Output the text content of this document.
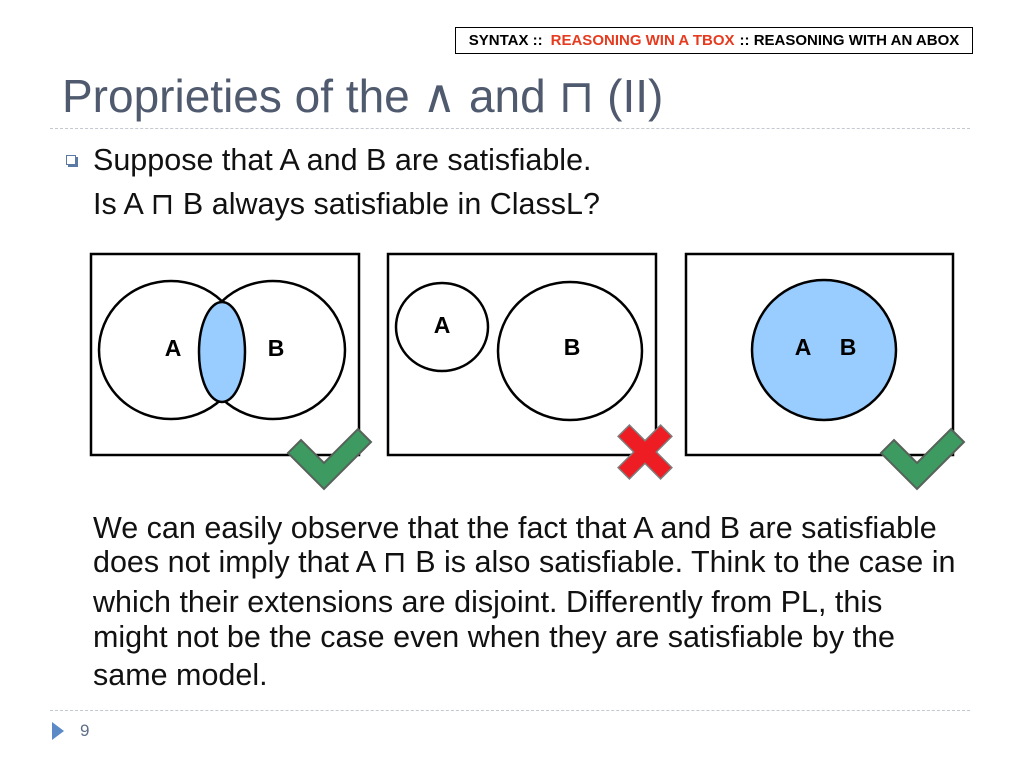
SYNTAX :: REASONING WIN A TBOX :: REASONING WITH AN ABOX
Proprieties of the ∧ and ⊓ (II)
Suppose that A and B are satisfiable.
Is A ⊓ B always satisfiable in ClassL?
A	B
A
B	A B
We can easily observe that the fact that A and B are satisfiable
does not imply that A ⊓ B is also satisfiable. Think to the case in
which their extensions are disjoint. Differently from PL, this
might not be the case even when they are satisfiable by the
same model.
9
